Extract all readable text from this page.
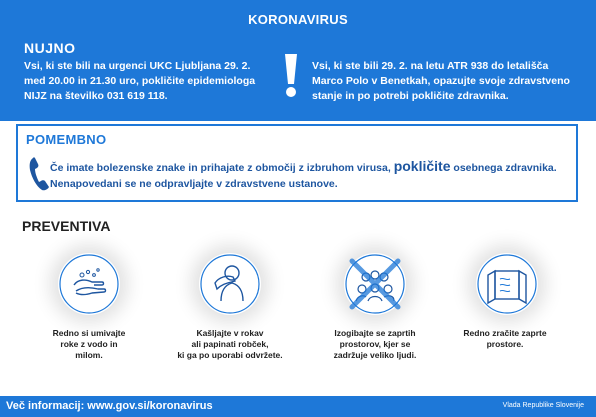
KORONAVIRUS
NUJNO
Vsi, ki ste bili na urgenci UKC Ljubljana 29. 2.
med 20.00 in 21.30 uro, pokličite epidemiologa
NIJZ na številko 031 619 118.
Vsi, ki ste bili 29. 2. na letu ATR 938 do letališča
Marco Polo v Benetkah, opazujte svoje zdravstveno
stanje in po potrebi pokličite zdravnika.
POMEMBNO
Če imate bolezenske znake in prihajate z območij z izbruhom virusa, pokličite osebnega zdravnika.
Nenapovedani se ne odpravljajte v zdravstvene ustanove.
PREVENTIVA
Redno si umivajte
roke z vodo in
milom.
Kašljajte v rokav
ali papinati robček,
ki ga po uporabi odvržete.
Izogibajte se zaprtih
prostorov, kjer se
zadržuje veliko ljudi.
Redno zračite zaprte
prostore.
Več informacij: www.gov.si/koronavirus	Vlada Republike Slovenije
